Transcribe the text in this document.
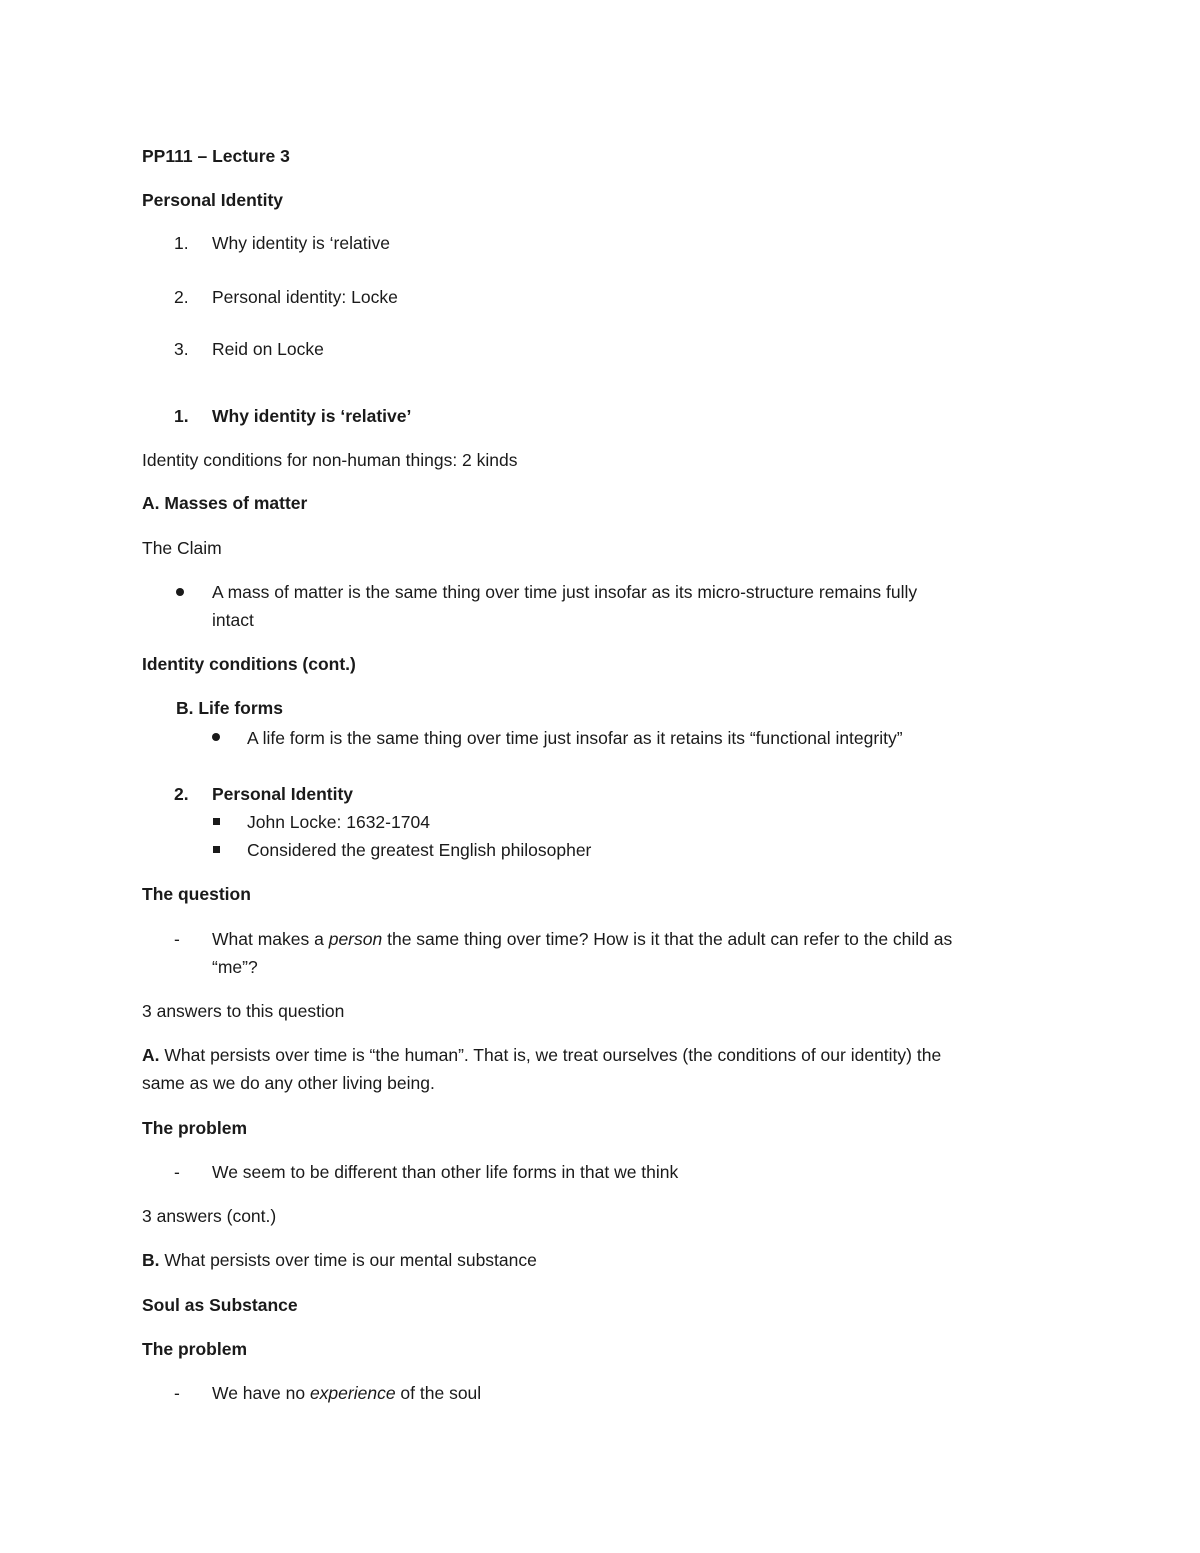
PP111 – Lecture 3
Personal Identity
1. Why identity is ‘relative
2. Personal identity: Locke
3. Reid on Locke
1. Why identity is ‘relative’
Identity conditions for non-human things: 2 kinds
A. Masses of matter
The Claim
A mass of matter is the same thing over time just insofar as its micro-structure remains fully
intact
Identity conditions (cont.)
B. Life forms
A life form is the same thing over time just insofar as it retains its “functional integrity”
2. Personal Identity
John Locke: 1632-1704
Considered the greatest English philosopher
The question
- What makes a person the same thing over time? How is it that the adult can refer to the child as
“me”?
3 answers to this question
A. What persists over time is “the human”. That is, we treat ourselves (the conditions of our identity) the
same as we do any other living being.
The problem
- We seem to be different than other life forms in that we think
3 answers (cont.)
B. What persists over time is our mental substance
Soul as Substance
The problem
- We have no experience of the soul
